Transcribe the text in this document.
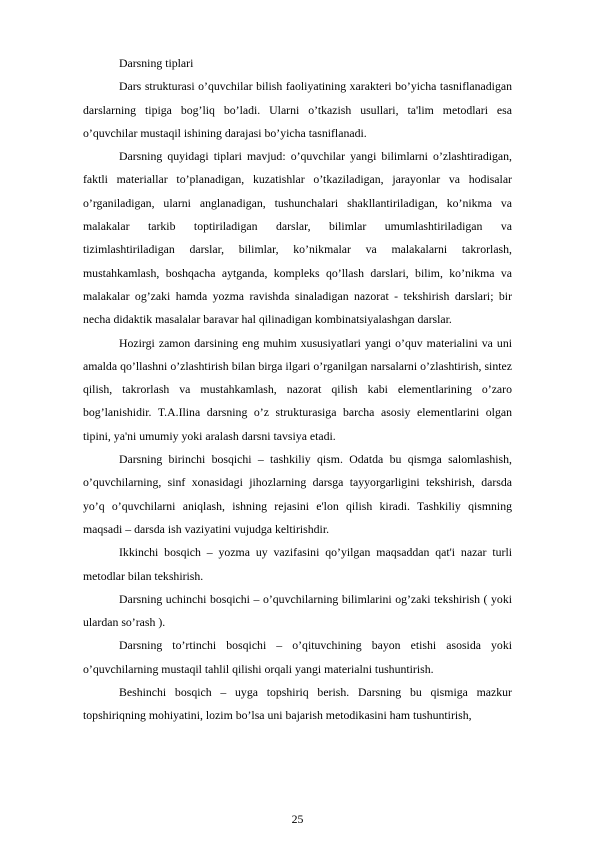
Darsning tiplari

Dars strukturasi o’quvchilar bilish faoliyatining xarakteri bo’yicha tasniflanadigan darslarning tipiga bog’liq bo’ladi. Ularni o’tkazish usullari, ta'lim metodlari esa o’quvchilar mustaqil ishining darajasi bo’yicha tasniflanadi.

Darsning quyidagi tiplari mavjud: o’quvchilar yangi bilimlarni o’zlashtiradigan, faktli materiallar to’planadigan, kuzatishlar o’tkaziladigan, jarayonlar va hodisalar o’rganiladigan, ularni anglanadigan, tushunchalari shakllantiriladigan, ko’nikma va malakalar tarkib toptiriladigan darslar, bilimlar umumlashtiriladigan va tizimlashtiriladigan darslar, bilimlar, ko’nikmalar va malakalarni takrorlash, mustahkamlash, boshqacha aytganda, kompleks qo’llash darslari, bilim, ko’nikma va malakalar og’zaki hamda yozma ravishda sinaladigan nazorat - tekshirish darslari; bir necha didaktik masalalar baravar hal qilinadigan kombinatsiyalashgan darslar.

Hozirgi zamon darsining eng muhim xususiyatlari yangi o’quv materialini va uni amalda qo’llashni o’zlashtirish bilan birga ilgari o’rganilgan narsalarni o’zlashtirish, sintez qilish, takrorlash va mustahkamlash, nazorat qilish kabi elementlarining o’zaro bog’lanishidir. T.A.Ilina darsning o’z strukturasiga barcha asosiy elementlarini olgan tipini, ya'ni umumiy yoki aralash darsni tavsiya etadi.

Darsning birinchi bosqichi – tashkiliy qism. Odatda bu qismga salomlashish, o’quvchilarning, sinf xonasidagi jihozlarning darsga tayyorgarligini tekshirish, darsda yo’q o’quvchilarni aniqlash, ishning rejasini e'lon qilish kiradi. Tashkiliy qismning maqsadi – darsda ish vaziyatini vujudga keltirishdir.

Ikkinchi bosqich – yozma uy vazifasini qo’yilgan maqsaddan qat'i nazar turli metodlar bilan tekshirish.

Darsning uchinchi bosqichi – o’quvchilarning bilimlarini og’zaki tekshirish ( yoki ulardan so’rash ).

Darsning to’rtinchi bosqichi – o’qituvchining bayon etishi asosida yoki o’quvchilarning mustaqil tahlil qilishi orqali yangi materialni tushuntirish.

Beshinchi bosqich – uyga topshiriq berish. Darsning bu qismiga mazkur topshiriqning mohiyatini, lozim bo’lsa uni bajarish metodikasini ham tushuntirish,

25
